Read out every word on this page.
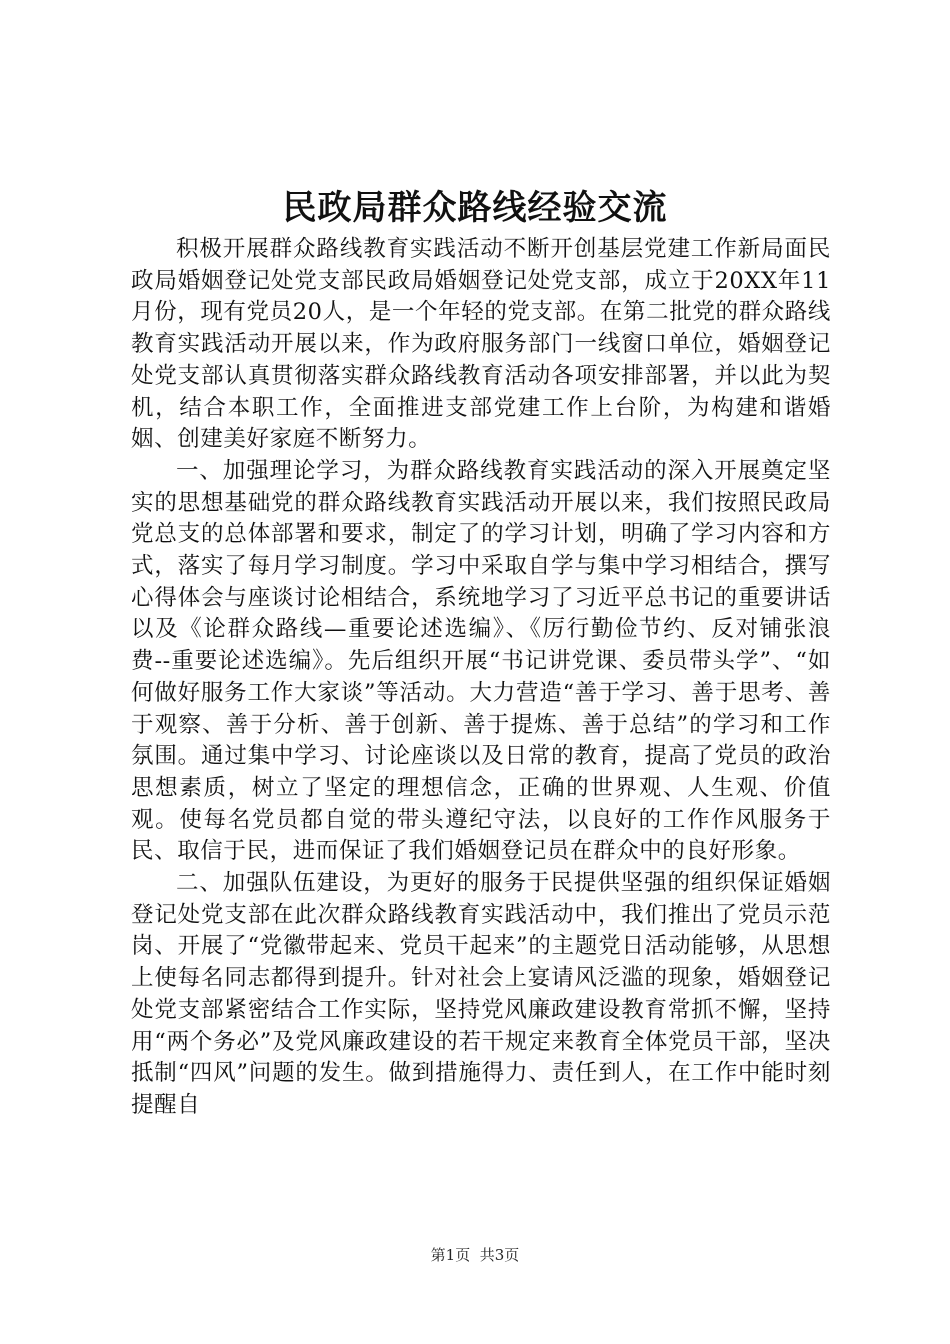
民政局群众路线经验交流

积极开展群众路线教育实践活动不断开创基层党建工作新局面民政局婚姻登记处党支部民政局婚姻登记处党支部，成立于20XX年11月份，现有党员20人，是一个年轻的党支部。在第二批党的群众路线教育实践活动开展以来，作为政府服务部门一线窗口单位，婚姻登记处党支部认真贯彻落实群众路线教育活动各项安排部署，并以此为契机，结合本职工作，全面推进支部党建工作上台阶，为构建和谐婚姻、创建美好家庭不断努力。

一、加强理论学习，为群众路线教育实践活动的深入开展奠定坚实的思想基础党的群众路线教育实践活动开展以来，我们按照民政局党总支的总体部署和要求，制定了的学习计划，明确了学习内容和方式，落实了每月学习制度。学习中采取自学与集中学习相结合，撰写心得体会与座谈讨论相结合，系统地学习了习近平总书记的重要讲话以及《论群众路线—重要论述选编》、《厉行勤俭节约、反对铺张浪费--重要论述选编》。先后组织开展“书记讲党课、委员带头学”、“如何做好服务工作大家谈”等活动。大力营造“善于学习、善于思考、善于观察、善于分析、善于创新、善于提炼、善于总结”的学习和工作氛围。通过集中学习、讨论座谈以及日常的教育，提高了党员的政治思想素质，树立了坚定的理想信念，正确的世界观、人生观、价值观。使每名党员都自觉的带头遵纪守法，以良好的工作作风服务于民、取信于民，进而保证了我们婚姻登记员在群众中的良好形象。

二、加强队伍建设，为更好的服务于民提供坚强的组织保证婚姻登记处党支部在此次群众路线教育实践活动中，我们推出了党员示范岗、开展了“党徽带起来、党员干起来”的主题党日活动能够，从思想上使每名同志都得到提升。针对社会上宴请风泛滥的现象，婚姻登记处党支部紧密结合工作实际，坚持党风廉政建设教育常抓不懈，坚持用“两个务必”及党风廉政建设的若干规定来教育全体党员干部，坚决抵制“四风”问题的发生。做到措施得力、责任到人，在工作中能时刻提醒自

第1页 共3页
